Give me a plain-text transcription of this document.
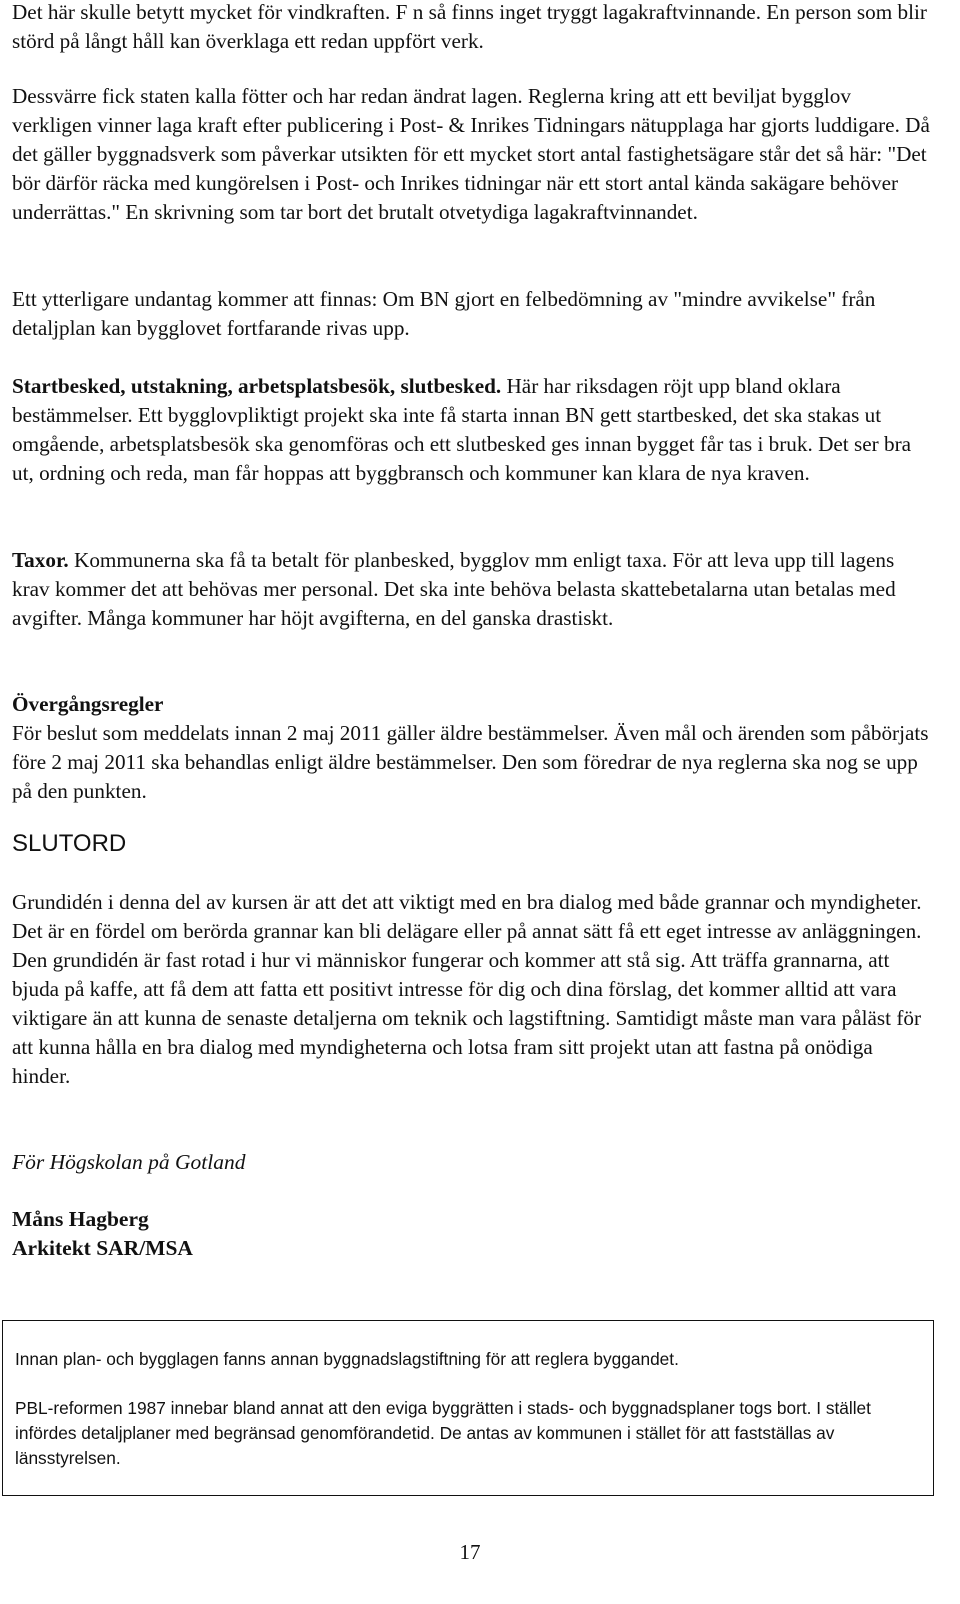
Det här skulle betytt mycket för vindkraften. F n så finns inget tryggt lagakraftvinnande. En person som blir störd på långt håll kan överklaga ett redan uppfört verk.

Dessvärre fick staten kalla fötter och har redan ändrat lagen. Reglerna kring att ett beviljat bygglov verkligen vinner laga kraft efter publicering i Post- & Inrikes Tidningars nätupplaga har gjorts luddigare. Då det gäller byggnadsverk som påverkar utsikten för ett mycket stort antal fastighetsägare står det så här: "Det bör därför räcka med kungörelsen i Post- och Inrikes tidningar när ett stort antal kända sakägare behöver underrättas." En skrivning som tar bort det brutalt otvetydiga lagakraftvinnandet.

Ett ytterligare undantag kommer att finnas: Om BN gjort en felbedömning av "mindre avvikelse" från detaljplan kan bygglovet fortfarande rivas upp.

Startbesked, utstakning, arbetsplatsbesök, slutbesked. Här har riksdagen röjt upp bland oklara bestämmelser. Ett bygglovpliktigt projekt ska inte få starta innan BN gett startbesked, det ska stakas ut omgående, arbetsplatsbesök ska genomföras och ett slutbesked ges innan bygget får tas i bruk. Det ser bra ut, ordning och reda, man får hoppas att byggbransch och kommuner kan klara de nya kraven.

Taxor. Kommunerna ska få ta betalt för planbesked, bygglov mm enligt taxa. För att leva upp till lagens krav kommer det att behövas mer personal. Det ska inte behöva belasta skattebetalarna utan betalas med avgifter. Många kommuner har höjt avgifterna, en del ganska drastiskt.

Övergångsregler
För beslut som meddelats innan 2 maj 2011 gäller äldre bestämmelser. Även mål och ärenden som påbörjats före 2 maj 2011 ska behandlas enligt äldre bestämmelser. Den som föredrar de nya reglerna ska nog se upp på den punkten.

SLUTORD

Grundidén i denna del av kursen är att det att viktigt med en bra dialog med både grannar och myndigheter. Det är en fördel om berörda grannar kan bli delägare eller på annat sätt få ett eget intresse av anläggningen. Den grundidén är fast rotad i hur vi människor fungerar och kommer att stå sig. Att träffa grannarna, att bjuda på kaffe, att få dem att fatta ett positivt intresse för dig och dina förslag, det kommer alltid att vara viktigare än att kunna de senaste detaljerna om teknik och lagstiftning. Samtidigt måste man vara påläst för att kunna hålla en bra dialog med myndigheterna och lotsa fram sitt projekt utan att fastna på onödiga hinder.

För Högskolan på Gotland

Måns Hagberg

Arkitekt SAR/MSA

Innan plan- och bygglagen fanns annan byggnadslagstiftning för att reglera byggandet.

PBL-reformen 1987 innebar bland annat att den eviga byggrätten i stads- och byggnadsplaner togs bort. I stället infördes detaljplaner med begränsad genomförandetid. De antas av kommunen i stället för att fastställas av länsstyrelsen.

17
